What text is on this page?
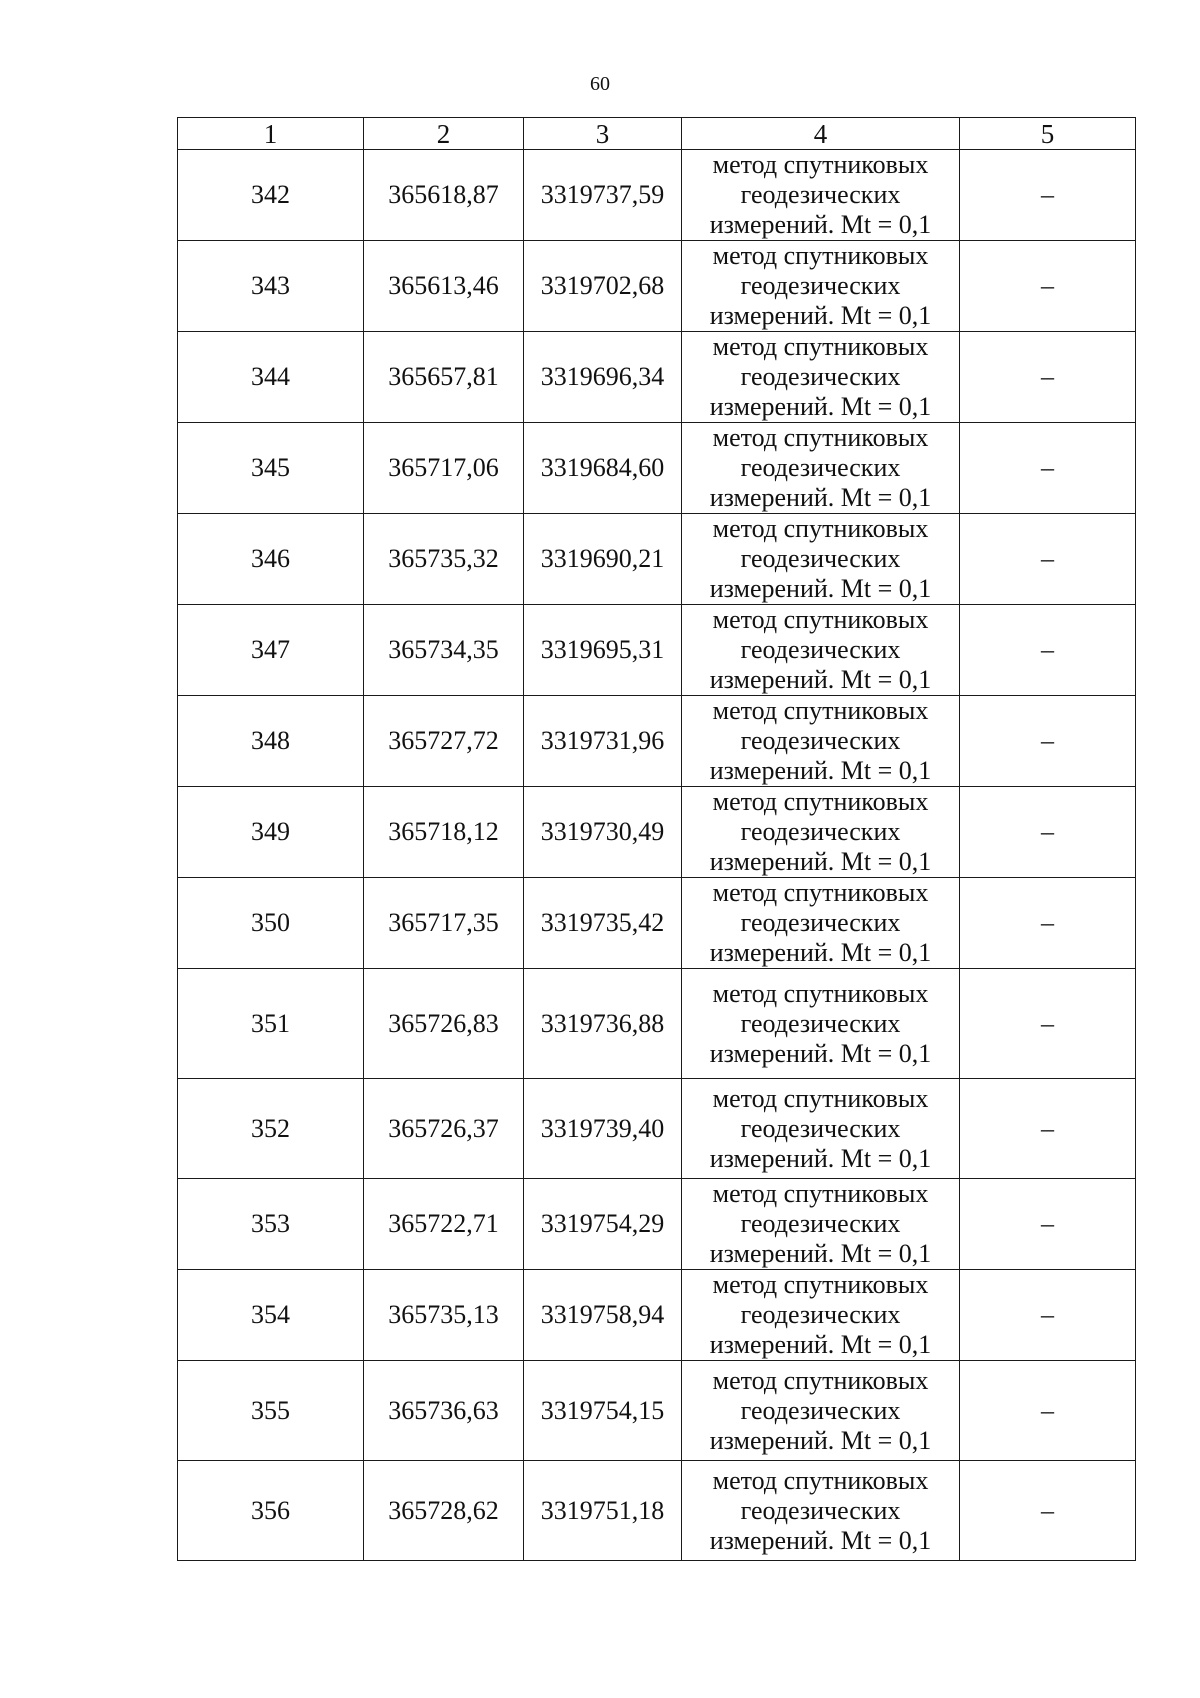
60
1	2	3	4	5
342	365618,87	3319737,59	метод спутниковых
геодезических
измерений. Mt = 0,1	–
343	365613,46	3319702,68	метод спутниковых
геодезических
измерений. Mt = 0,1	–
344	365657,81	3319696,34	метод спутниковых
геодезических
измерений. Mt = 0,1	–
345	365717,06	3319684,60	метод спутниковых
геодезических
измерений. Mt = 0,1	–
346	365735,32	3319690,21	метод спутниковых
геодезических
измерений. Mt = 0,1	–
347	365734,35	3319695,31	метод спутниковых
геодезических
измерений. Mt = 0,1	–
348	365727,72	3319731,96	метод спутниковых
геодезических
измерений. Mt = 0,1	–
349	365718,12	3319730,49	метод спутниковых
геодезических
измерений. Mt = 0,1	–
350	365717,35	3319735,42	метод спутниковых
геодезических
измерений. Mt = 0,1	–
351	365726,83	3319736,88	метод спутниковых
геодезических
измерений. Mt = 0,1	–
352	365726,37	3319739,40	метод спутниковых
геодезических
измерений. Mt = 0,1	–
353	365722,71	3319754,29	метод спутниковых
геодезических
измерений. Mt = 0,1	–
354	365735,13	3319758,94	метод спутниковых
геодезических
измерений. Mt = 0,1	–
355	365736,63	3319754,15	метод спутниковых
геодезических
измерений. Mt = 0,1	–
356	365728,62	3319751,18	метод спутниковых
геодезических
измерений. Mt = 0,1	–
